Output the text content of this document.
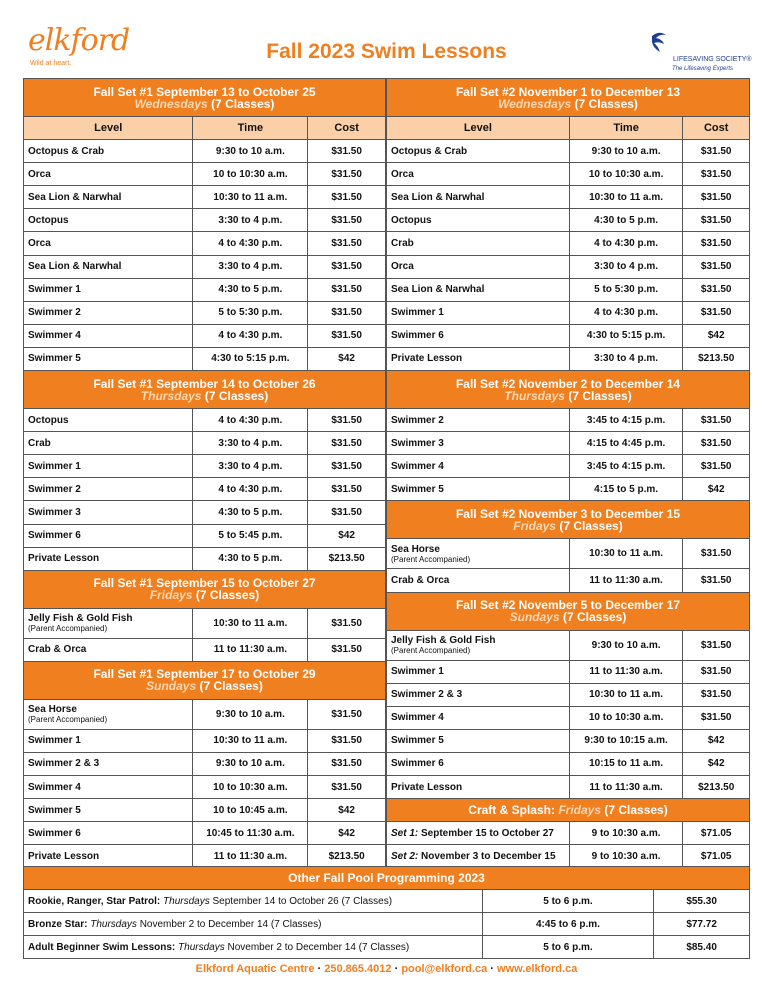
elkford
Wild at heart.
Fall 2023 Swim Lessons	LIFESAVING SOCIETY®
The Lifesaving Experts
Fall Set #1 September 13 to October 25
Wednesdays (7 Classes)		
Level	Time	Cost
Octopus & Crab	9:30 to 10 a.m.	$31.50
Orca	10 to 10:30 a.m.	$31.50
Sea Lion & Narwhal	10:30 to 11 a.m.	$31.50
Octopus	3:30 to 4 p.m.	$31.50
Orca	4 to 4:30 p.m.	$31.50
Sea Lion & Narwhal	3:30 to 4 p.m.	$31.50
Swimmer 1	4:30 to 5 p.m.	$31.50
Swimmer 2	5 to 5:30 p.m.	$31.50
Swimmer 4	4 to 4:30 p.m.	$31.50
Swimmer 5	4:30 to 5:15 p.m.	$42
Fall Set #1 September 14 to October 26
Thursdays (7 Classes)		
Octopus	4 to 4:30 p.m.	$31.50
Crab	3:30 to 4 p.m.	$31.50
Swimmer 1	3:30 to 4 p.m.	$31.50
Swimmer 2	4 to 4:30 p.m.	$31.50
Swimmer 3	4:30 to 5 p.m.	$31.50
Swimmer 6	5 to 5:45 p.m.	$42
Private Lesson	4:30 to 5 p.m.	$213.50
Fall Set #1 September 15 to October 27
Fridays (7 Classes)		
Jelly Fish & Gold Fish
(Parent Accompanied)	10:30 to 11 a.m.	$31.50
Crab & Orca	11 to 11:30 a.m.	$31.50
Fall Set #1 September 17 to October 29
Sundays (7 Classes)		
Sea Horse
(Parent Accompanied)	9:30 to 10 a.m.	$31.50
Swimmer 1	10:30 to 11 a.m.	$31.50
Swimmer 2 & 3	9:30 to 10 a.m.	$31.50
Swimmer 4	10 to 10:30 a.m.	$31.50
Swimmer 5	10 to 10:45 a.m.	$42
Swimmer 6	10:45 to 11:30 a.m.	$42
Private Lesson	11 to 11:30 a.m.	$213.50
Fall Set #2 November 1 to December 13
Wednesdays (7 Classes)		
Level	Time	Cost
Octopus & Crab	9:30 to 10 a.m.	$31.50
Orca	10 to 10:30 a.m.	$31.50
Sea Lion & Narwhal	10:30 to 11 a.m.	$31.50
Octopus	4:30 to 5 p.m.	$31.50
Crab	4 to 4:30 p.m.	$31.50
Orca	3:30 to 4 p.m.	$31.50
Sea Lion & Narwhal	5 to 5:30 p.m.	$31.50
Swimmer 1	4 to 4:30 p.m.	$31.50
Swimmer 6	4:30 to 5:15 p.m.	$42
Private Lesson	3:30 to 4 p.m.	$213.50
Fall Set #2 November 2 to December 14
Thursdays (7 Classes)		
Swimmer 2	3:45 to 4:15 p.m.	$31.50
Swimmer 3	4:15 to 4:45 p.m.	$31.50
Swimmer 4	3:45 to 4:15 p.m.	$31.50
Swimmer 5	4:15 to 5 p.m.	$42
Fall Set #2 November 3 to December 15
Fridays (7 Classes)		
Sea Horse
(Parent Accompanied)	10:30 to 11 a.m.	$31.50
Crab & Orca	11 to 11:30 a.m.	$31.50
Fall Set #2 November 5 to December 17
Sundays (7 Classes)		
Jelly Fish & Gold Fish
(Parent Accompanied)	9:30 to 10 a.m.	$31.50
Swimmer 1	11 to 11:30 a.m.	$31.50
Swimmer 2 & 3	10:30 to 11 a.m.	$31.50
Swimmer 4	10 to 10:30 a.m.	$31.50
Swimmer 5	9:30 to 10:15 a.m.	$42
Swimmer 6	10:15 to 11 a.m.	$42
Private Lesson	11 to 11:30 a.m.	$213.50
Craft & Splash: Fridays (7 Classes)		
Set 1: September 15 to October 27	9 to 10:30 a.m.	$71.05
Set 2: November 3 to December 15	9 to 10:30 a.m.	$71.05
Other Fall Pool Programming 2023		
Rookie, Ranger, Star Patrol: Thursdays September 14 to October 26 (7 Classes)	5 to 6 p.m.	$55.30
Bronze Star: Thursdays November 2 to December 14 (7 Classes)	4:45 to 6 p.m.	$77.72
Adult Beginner Swim Lessons: Thursdays November 2 to December 14 (7 Classes)	5 to 6 p.m.	$85.40
Elkford Aquatic Centre · 250.865.4012 · pool@elkford.ca · www.elkford.ca
